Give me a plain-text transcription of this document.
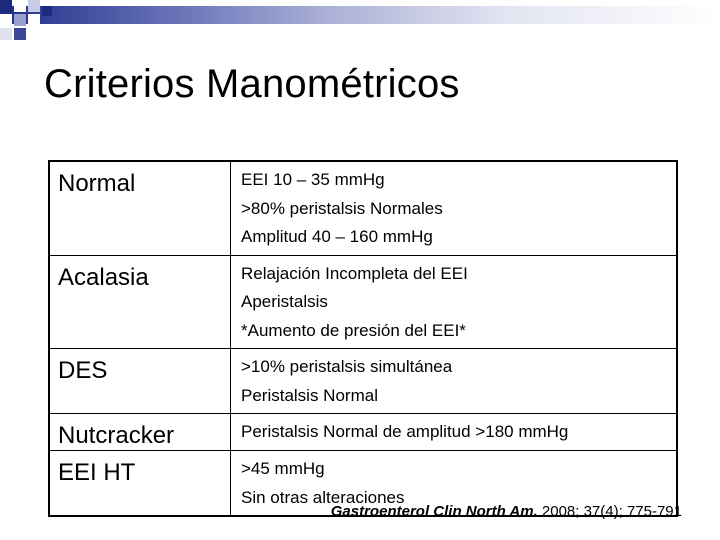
Criterios Manométricos
Normal	EEI 10 – 35 mmHg
>80% peristalsis Normales
Amplitud 40 – 160 mmHg

Acalasia	Relajación Incompleta del EEI
Aperistalsis
*Aumento de presión del EEI*

DES	>10% peristalsis simultánea
Peristalsis Normal

Nutcracker	Peristalsis Normal de amplitud >180 mmHg

EEI HT	>45 mmHg
Sin otras alteraciones
Gastroenterol Clin North Am. 2008; 37(4); 775-791
